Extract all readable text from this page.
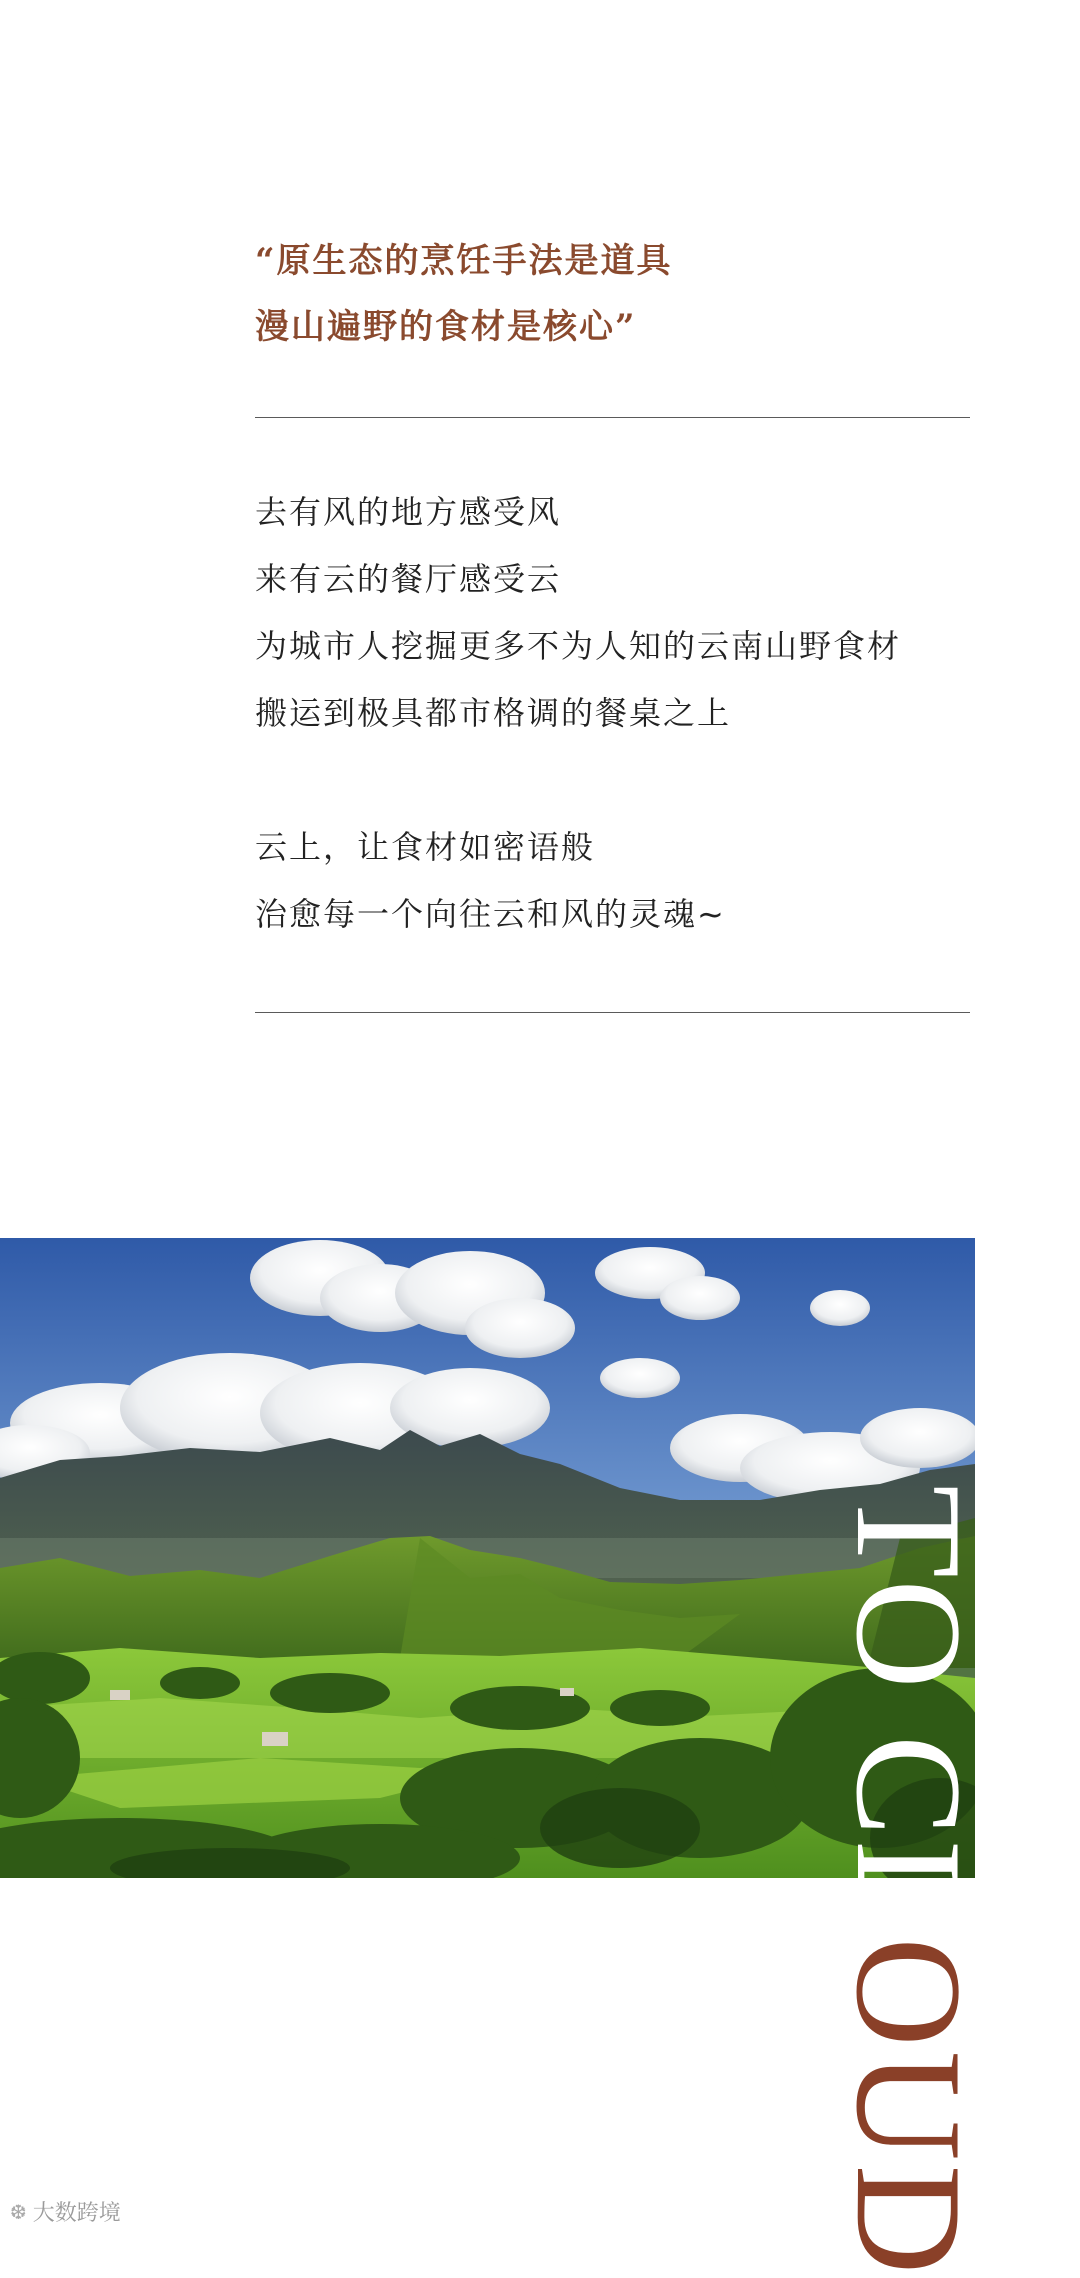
“原生态的烹饪手法是道具
漫山遍野的食材是核心”
去有风的地方感受风
来有云的餐厅感受云
为城市人挖掘更多不为人知的云南山野食材
搬运到极具都市格调的餐桌之上
云上，让食材如密语般
治愈每一个向往云和风的灵魂~
TO CLOUD
❆ 大数跨境
